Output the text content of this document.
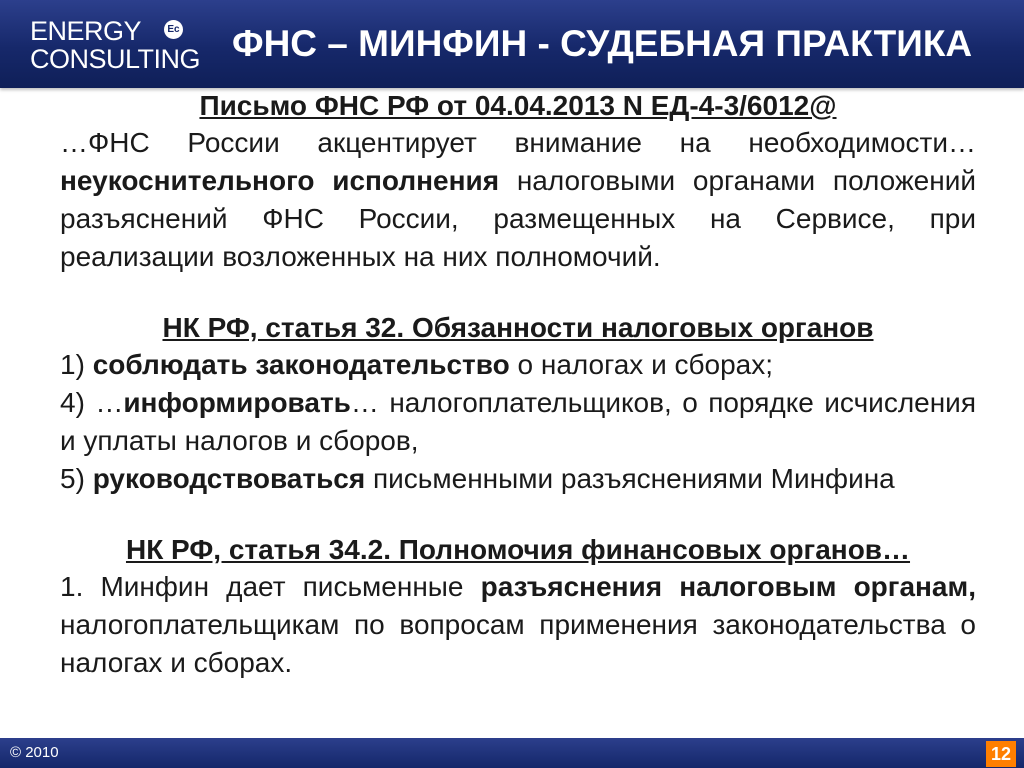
ENERGY	Ec
CONSULTING ФНС – МИНФИН - СУДЕБНАЯ ПРАКТИКА

Письмо ФНС РФ от 04.04.2013 N ЕД-4-3/6012@

…ФНС России акцентирует внимание на необходимости… неукоснительного исполнения налоговыми органами положений разъяснений ФНС России, размещенных на Сервисе, при реализации возложенных на них полномочий.

НК РФ, статья 32. Обязанности налоговых органов

1) соблюдать законодательство о налогах и сборах;

4) …информировать… налогоплательщиков, о порядке исчисления и уплаты налогов и сборов,

5) руководствоваться письменными разъяснениями Минфина

НК РФ, статья 34.2. Полномочия финансовых органов…

1. Минфин дает письменные разъяснения налоговым органам, налогоплательщикам по вопросам применения законодательства о налогах и сборах.

© 2010	12
